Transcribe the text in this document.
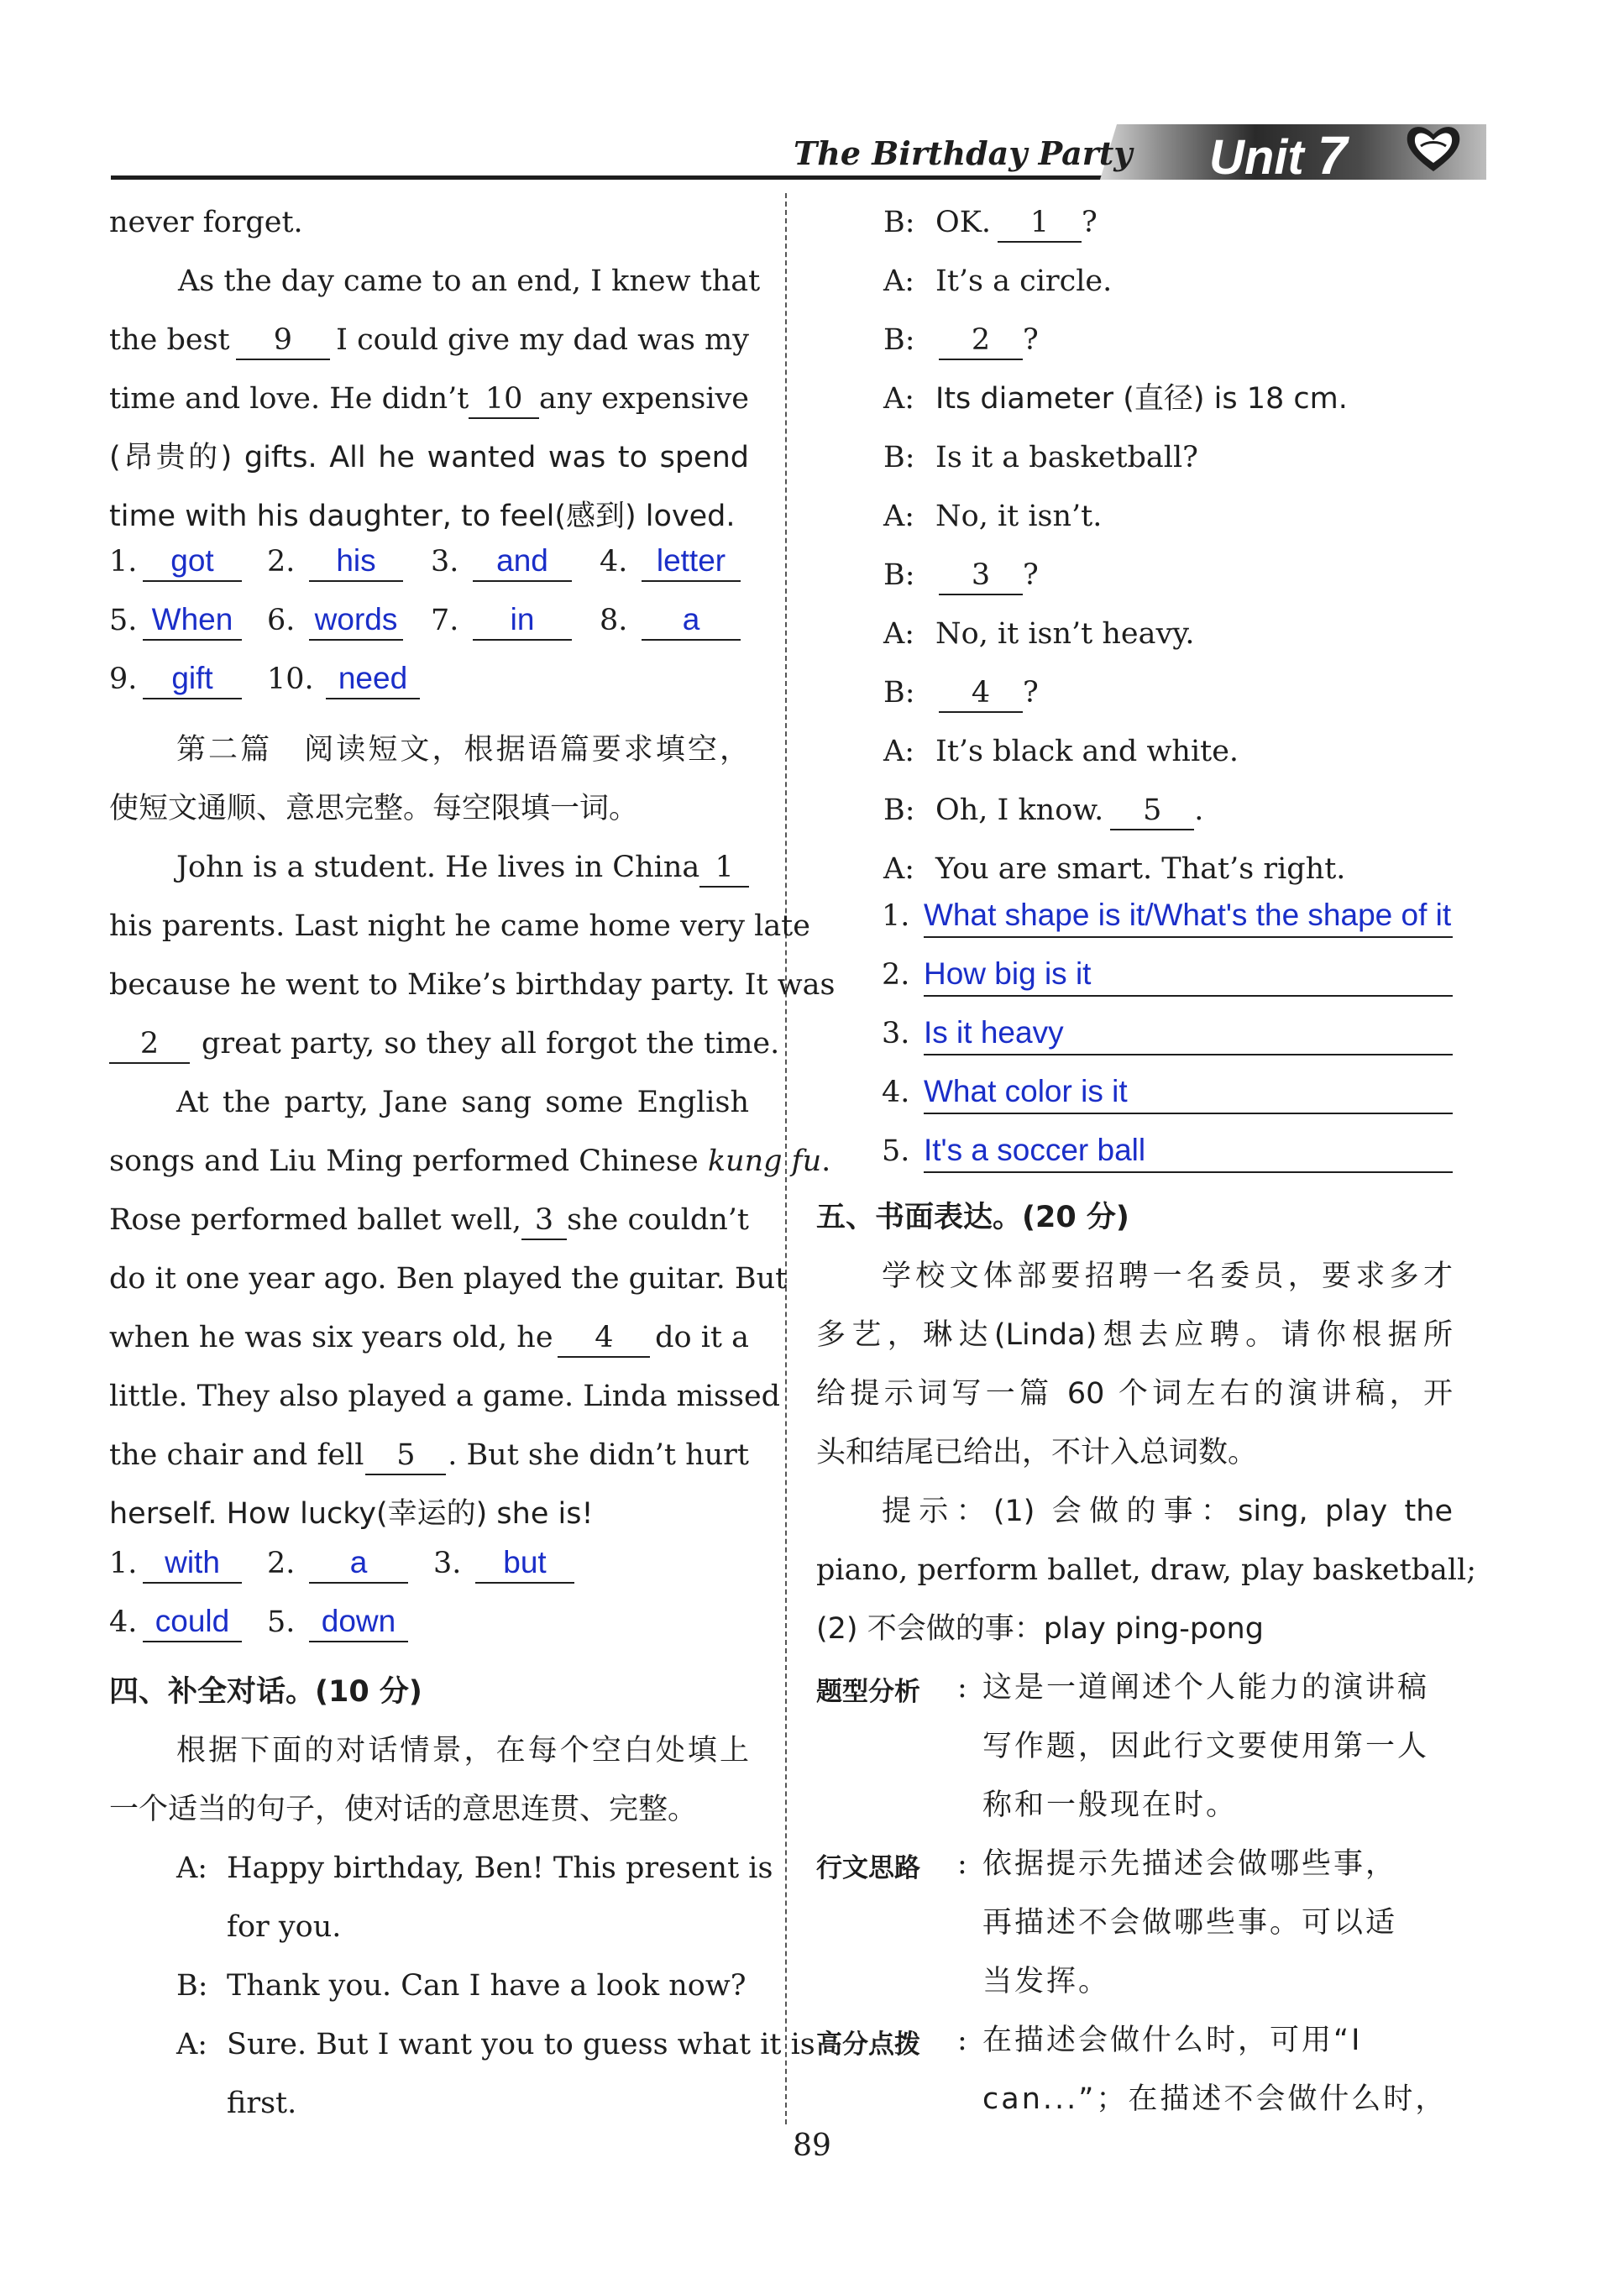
The Birthday Party Unit 7
never forget.
As the day came to an end, I knew that
the best	9	I could give my dad was my
time and love. He didn’t 10 any expensive
(昂贵的) gifts. All he wanted was to spend
time with his daughter, to feel(感到) loved.
1.	got	2.	his	3.	and	4. letter
5. When	6. words 7.	in	8.	a
9.	gift	10. need
第二篇　阅读短文，根据语篇要求填空，
使短文通顺、意思完整。每空限填一词。
John is a student. He lives in China 1
his parents. Last night he came home very late
because he went to Mike’s birthday party. It was
2	great party, so they all forgot the time.
At the party, Jane sang some English
songs and Liu Ming performed Chinese kung fu.
Rose performed ballet well, 3 she couldn’t
do it one year ago. Ben played the guitar. But
when he was six years old, he	4	do it a
little. They also played a game. Linda missed
the chair and fell	5	. But she didn’t hurt
herself. How lucky(幸运的) she is!
1. with	2.	a	3.	but
4. could	5. down
四、补全对话。(10 分)
根据下面的对话情景，在每个空白处填上
一个适当的句子，使对话的意思连贯、完整。
A: Happy birthday, Ben! This present is
for you.
B: Thank you. Can I have a look now?
A: Sure. But I want you to guess what it is
first.
B: OK. 1 ?
A: It’s a circle.
B: 2 ?
A: Its diameter (直径) is 18 cm.
B: Is it a basketball?
A: No, it isn’t.
B: 3 ?
A: No, it isn’t heavy.
B: 4 ?
A: It’s black and white.
B: Oh, I know. 5 .
A: You are smart. That’s right.
1. What shape is it/What's the shape of it
2. How big is it
3. Is it heavy
4. What color is it
5. It's a soccer ball
五、书面表达。(20 分)
学校文体部要招聘一名委员，要求多才
多艺，琳达(Linda)想去应聘。请你根据所
给提示词写一篇 60 个词左右的演讲稿，开
头和结尾已给出，不计入总词数。
提示：(1) 会做的事：sing, play the
piano, perform ballet, draw, play basketball;
(2) 不会做的事：play ping-pong
题型分析 : 这是一道阐述个人能力的演讲稿
写作题，因此行文要使用第一人
称和一般现在时。
行文思路 : 依据提示先描述会做哪些事，
再描述不会做哪些事。可以适
当发挥。
高分点拨 : 在描述会做什么时，可用“I
can...”；在描述不会做什么时，
89
